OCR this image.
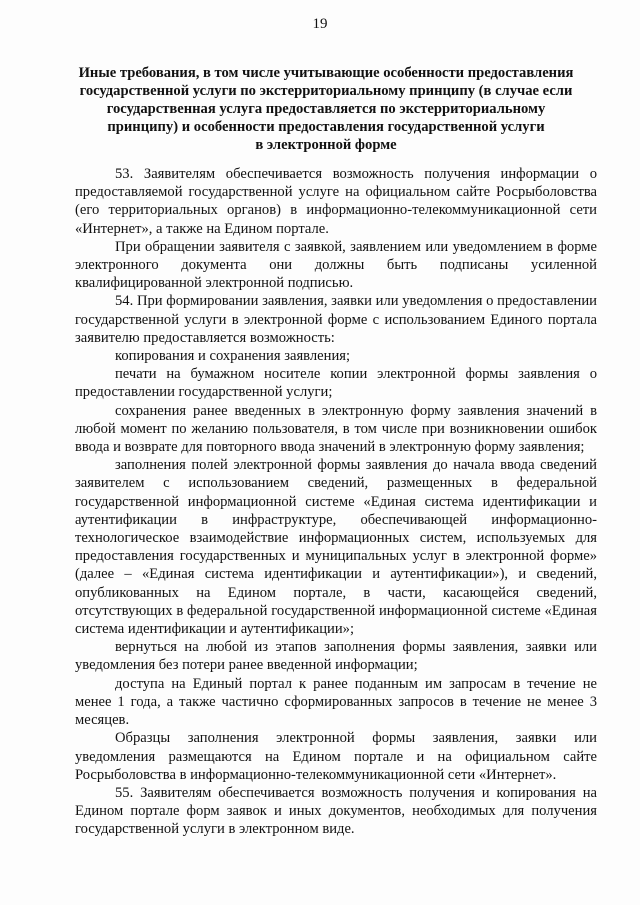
19
Иные требования, в том числе учитывающие особенности предоставления
государственной услуги по экстерриториальному принципу (в случае если
государственная услуга предоставляется по экстерриториальному
принципу) и особенности предоставления государственной услуги
в электронной форме

53. Заявителям обеспечивается возможность получения информации о предоставляемой государственной услуге на официальном сайте Росрыболовства (его территориальных органов) в информационно-телекоммуникационной сети «Интернет», а также на Едином портале.

При обращении заявителя с заявкой, заявлением или уведомлением в форме электронного документа они должны быть подписаны усиленной квалифицированной электронной подписью.

54. При формировании заявления, заявки или уведомления о предоставлении государственной услуги в электронной форме с использованием Единого портала заявителю предоставляется возможность:

копирования и сохранения заявления;

печати на бумажном носителе копии электронной формы заявления о предоставлении государственной услуги;

сохранения ранее введенных в электронную форму заявления значений в любой момент по желанию пользователя, в том числе при возникновении ошибок ввода и возврате для повторного ввода значений в электронную форму заявления;

заполнения полей электронной формы заявления до начала ввода сведений заявителем с использованием сведений, размещенных в федеральной государственной информационной системе «Единая система идентификации и аутентификации в инфраструктуре, обеспечивающей информационно-технологическое взаимодействие информационных систем, используемых для предоставления государственных и муниципальных услуг в электронной форме» (далее – «Единая система идентификации и аутентификации»), и сведений, опубликованных на Едином портале, в части, касающейся сведений, отсутствующих в федеральной государственной информационной системе «Единая система идентификации и аутентификации»;

вернуться на любой из этапов заполнения формы заявления, заявки или уведомления без потери ранее введенной информации;

доступа на Единый портал к ранее поданным им запросам в течение не менее 1 года, а также частично сформированных запросов в течение не менее 3 месяцев.

Образцы заполнения электронной формы заявления, заявки или уведомления размещаются на Едином портале и на официальном сайте Росрыболовства в информационно-телекоммуникационной сети «Интернет».

55. Заявителям обеспечивается возможность получения и копирования на Едином портале форм заявок и иных документов, необходимых для получения государственной услуги в электронном виде.
